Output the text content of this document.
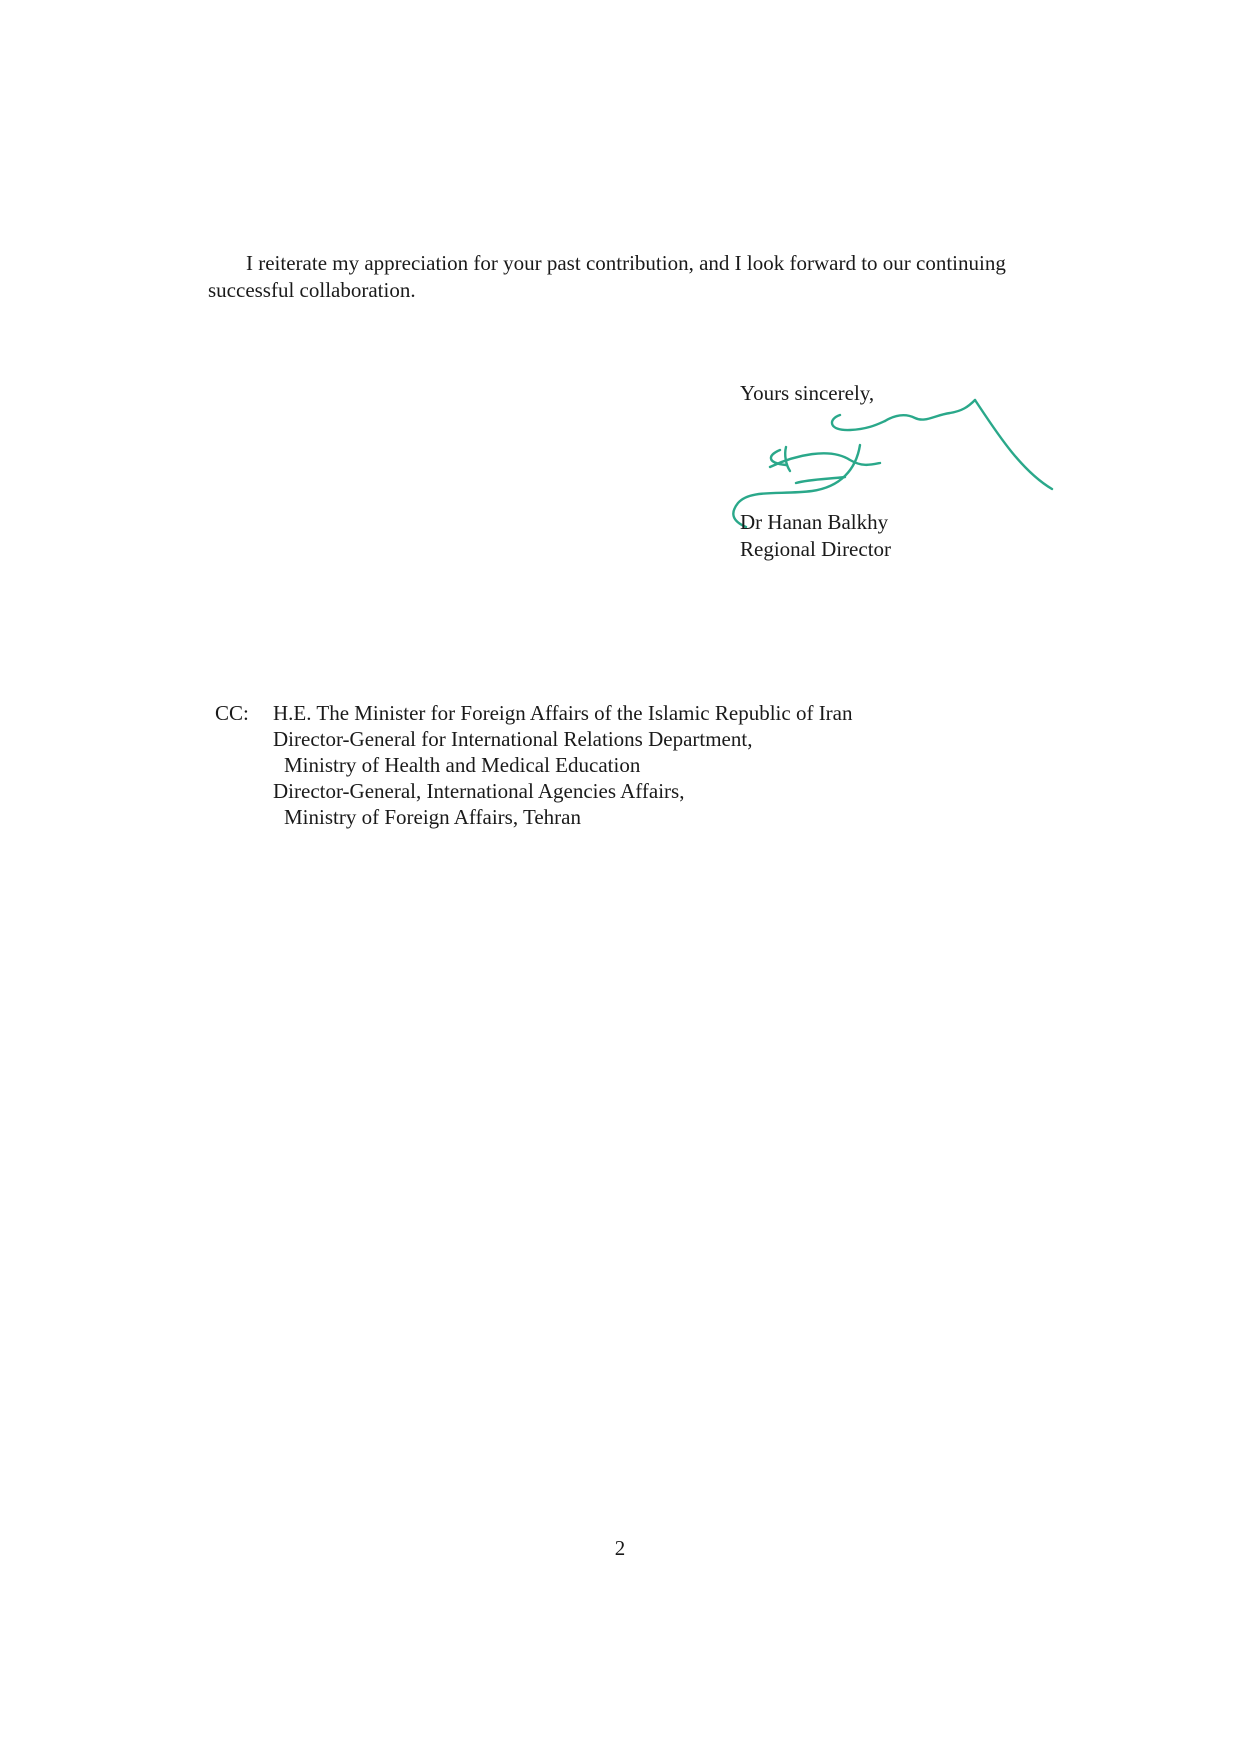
I reiterate my appreciation for your past contribution, and I look forward to our continuing successful collaboration.

Yours sincerely,

Dr Hanan Balkhy

Regional Director

CC: H.E. The Minister for Foreign Affairs of the Islamic Republic of Iran
Director-General for International Relations Department,
Ministry of Health and Medical Education
Director-General, International Agencies Affairs,
Ministry of Foreign Affairs, Tehran

2
